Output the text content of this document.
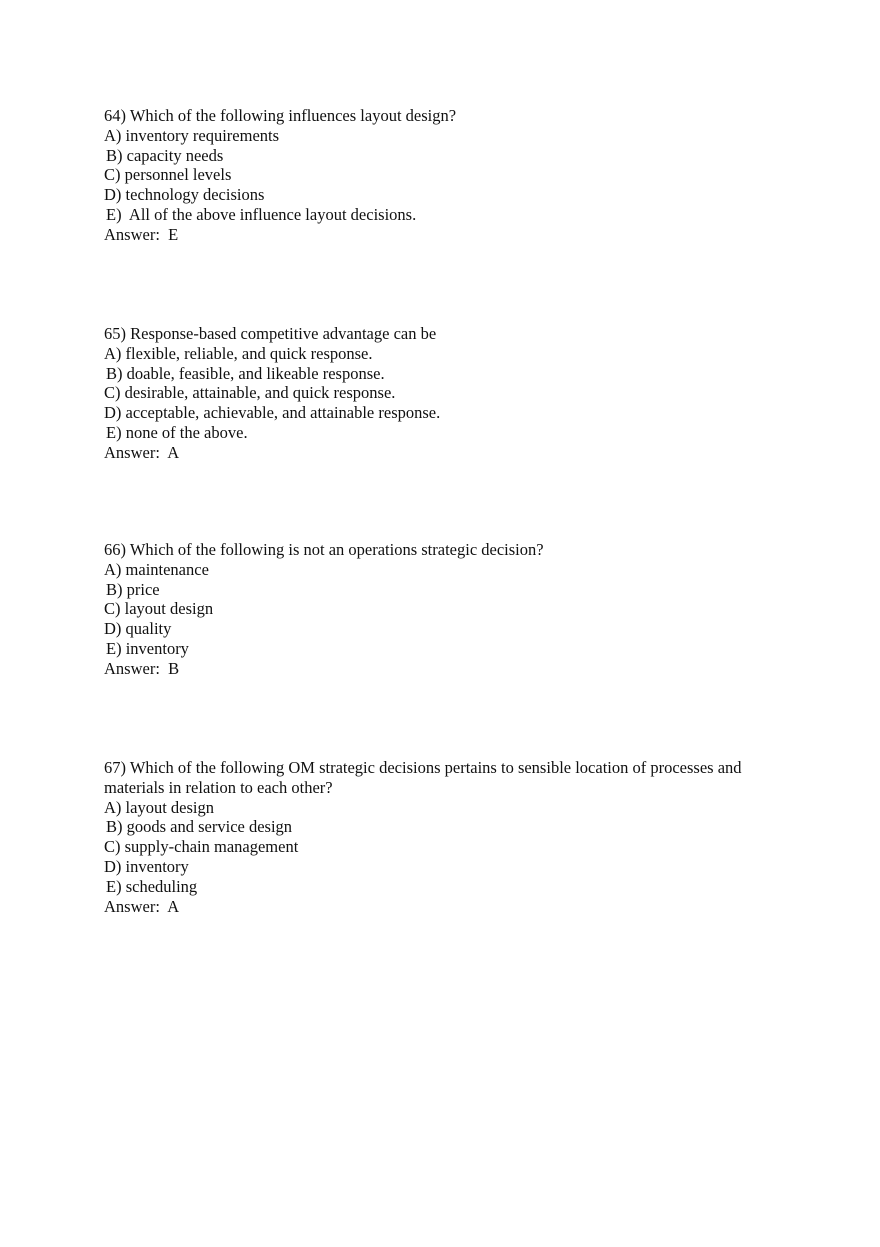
64) Which of the following influences layout design?

A) inventory requirements

B) capacity needs

C) personnel levels

D) technology decisions

E)  All of the above influence layout decisions.

Answer:  E

65) Response-based competitive advantage can be

A) flexible, reliable, and quick response.

B) doable, feasible, and likeable response.

C) desirable, attainable, and quick response.

D) acceptable, achievable, and attainable response.

E) none of the above.

Answer:  A

66) Which of the following is not an operations strategic decision?

A) maintenance

B) price

C) layout design

D) quality

E) inventory

Answer:  B

67) Which of the following OM strategic decisions pertains to sensible location of processes and materials in relation to each other?

A) layout design

B) goods and service design

C) supply-chain management

D) inventory

E) scheduling

Answer:  A
